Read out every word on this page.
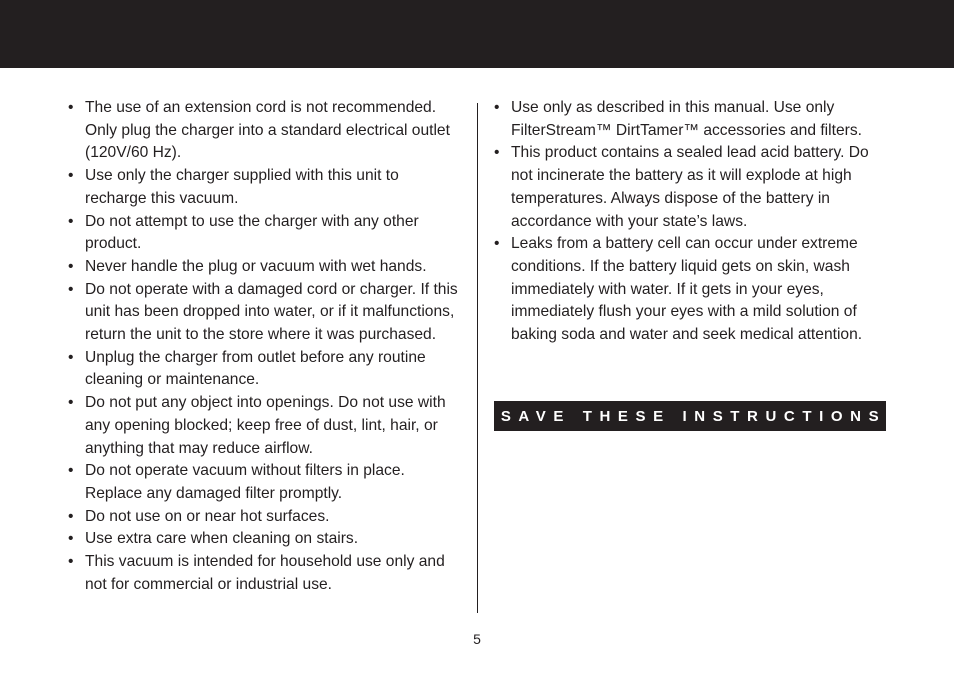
• The use of an extension cord is not recommended. Only plug the charger into a standard electrical outlet (120V/60 Hz).
• Use only the charger supplied with this unit to recharge this vacuum.
• Do not attempt to use the charger with any other product.
• Never handle the plug or vacuum with wet hands.
• Do not operate with a damaged cord or charger. If this unit has been dropped into water, or if it malfunctions, return the unit to the store where it was purchased.
• Unplug the charger from outlet before any routine cleaning or maintenance.
• Do not put any object into openings. Do not use with any opening blocked; keep free of dust, lint, hair, or anything that may reduce airflow.
• Do not operate vacuum without filters in place. Replace any damaged filter promptly.
• Do not use on or near hot surfaces.
• Use extra care when cleaning on stairs.
• This vacuum is intended for household use only and not for commercial or industrial use.
• Use only as described in this manual. Use only FilterStream™ DirtTamer™ accessories and filters.
• This product contains a sealed lead acid battery. Do not incinerate the battery as it will explode at high temperatures. Always dispose of the battery in accordance with your state’s laws.
• Leaks from a battery cell can occur under extreme conditions. If the battery liquid gets on skin, wash immediately with water. If it gets in your eyes, immediately flush your eyes with a mild solution of baking soda and water and seek medical attention.
SAVE THESE INSTRUCTIONS
5
